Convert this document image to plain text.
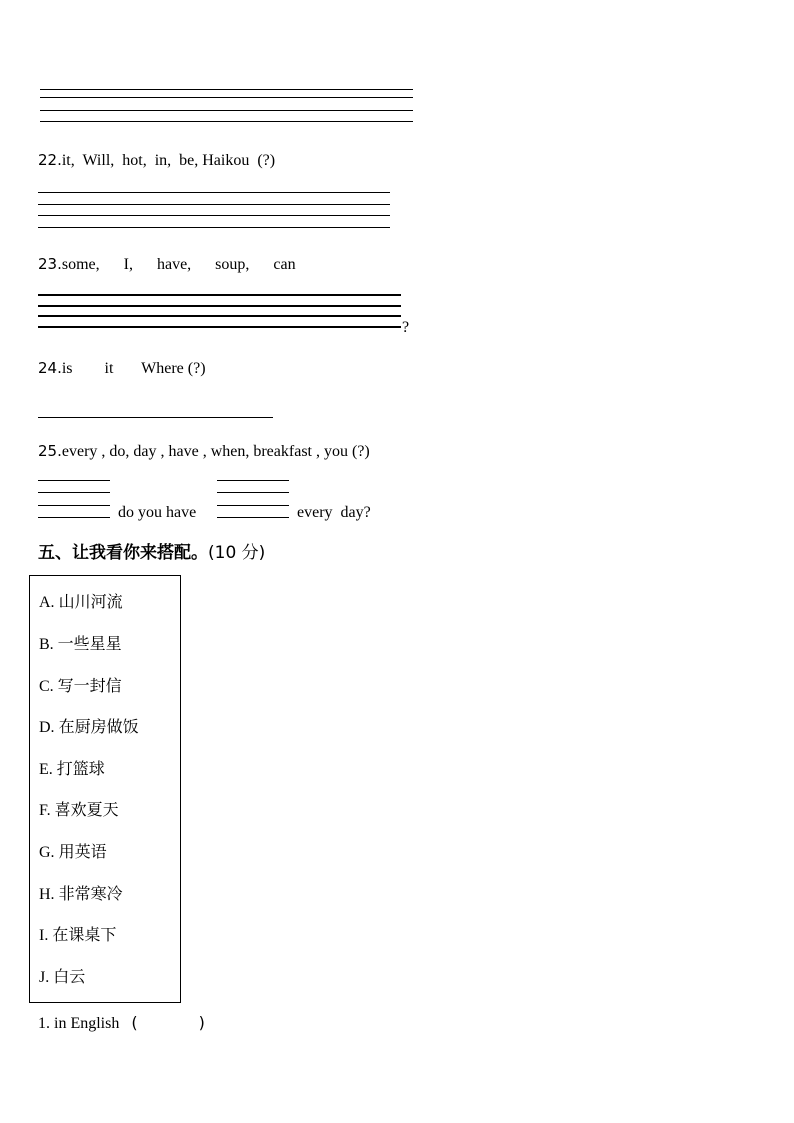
22.it,  Will,  hot,  in,  be, Haikou  (?)
23.some,      I,      have,      soup,      can
?
24.is        it       Where (?)
25.every , do, day , have , when, breakfast , you (?)
do you have	every  day?
五、让我看你来搭配。(10 分)
A. 山川河流
B. 一些星星
C. 写一封信
D. 在厨房做饭
E. 打篮球
F. 喜欢夏天
G. 用英语
H. 非常寒冷
I. 在课桌下
J. 白云
1. in English (            )
